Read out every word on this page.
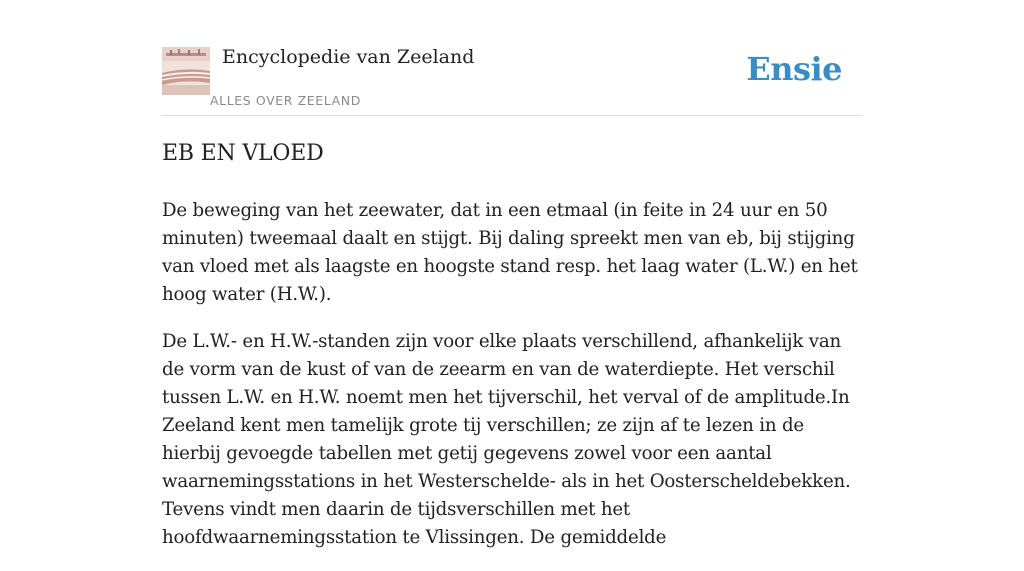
Encyclopedie van Zeeland
ALLES OVER ZEELAND
Ensie
EB EN VLOED

De beweging van het zeewater, dat in een etmaal (in feite in 24 uur en 50 minuten) tweemaal daalt en stijgt. Bij daling spreekt men van eb, bij stijging van vloed met als laagste en hoogste stand resp. het laag water (L.W.) en het hoog water (H.W.).

De L.W.- en H.W.-standen zijn voor elke plaats verschillend, afhankelijk van de vorm van de kust of van de zeearm en van de waterdiepte. Het verschil tussen L.W. en H.W. noemt men het tijverschil, het verval of de amplitude.In Zeeland kent men tamelijk grote tij verschillen; ze zijn af te lezen in de hierbij gevoegde tabellen met getij gegevens zowel voor een aantal waarnemingsstations in het Westerschelde- als in het Oosterscheldebekken. Tevens vindt men daarin de tijdsverschillen met het hoofdwaarnemingsstation te Vlissingen. De gemiddelde
